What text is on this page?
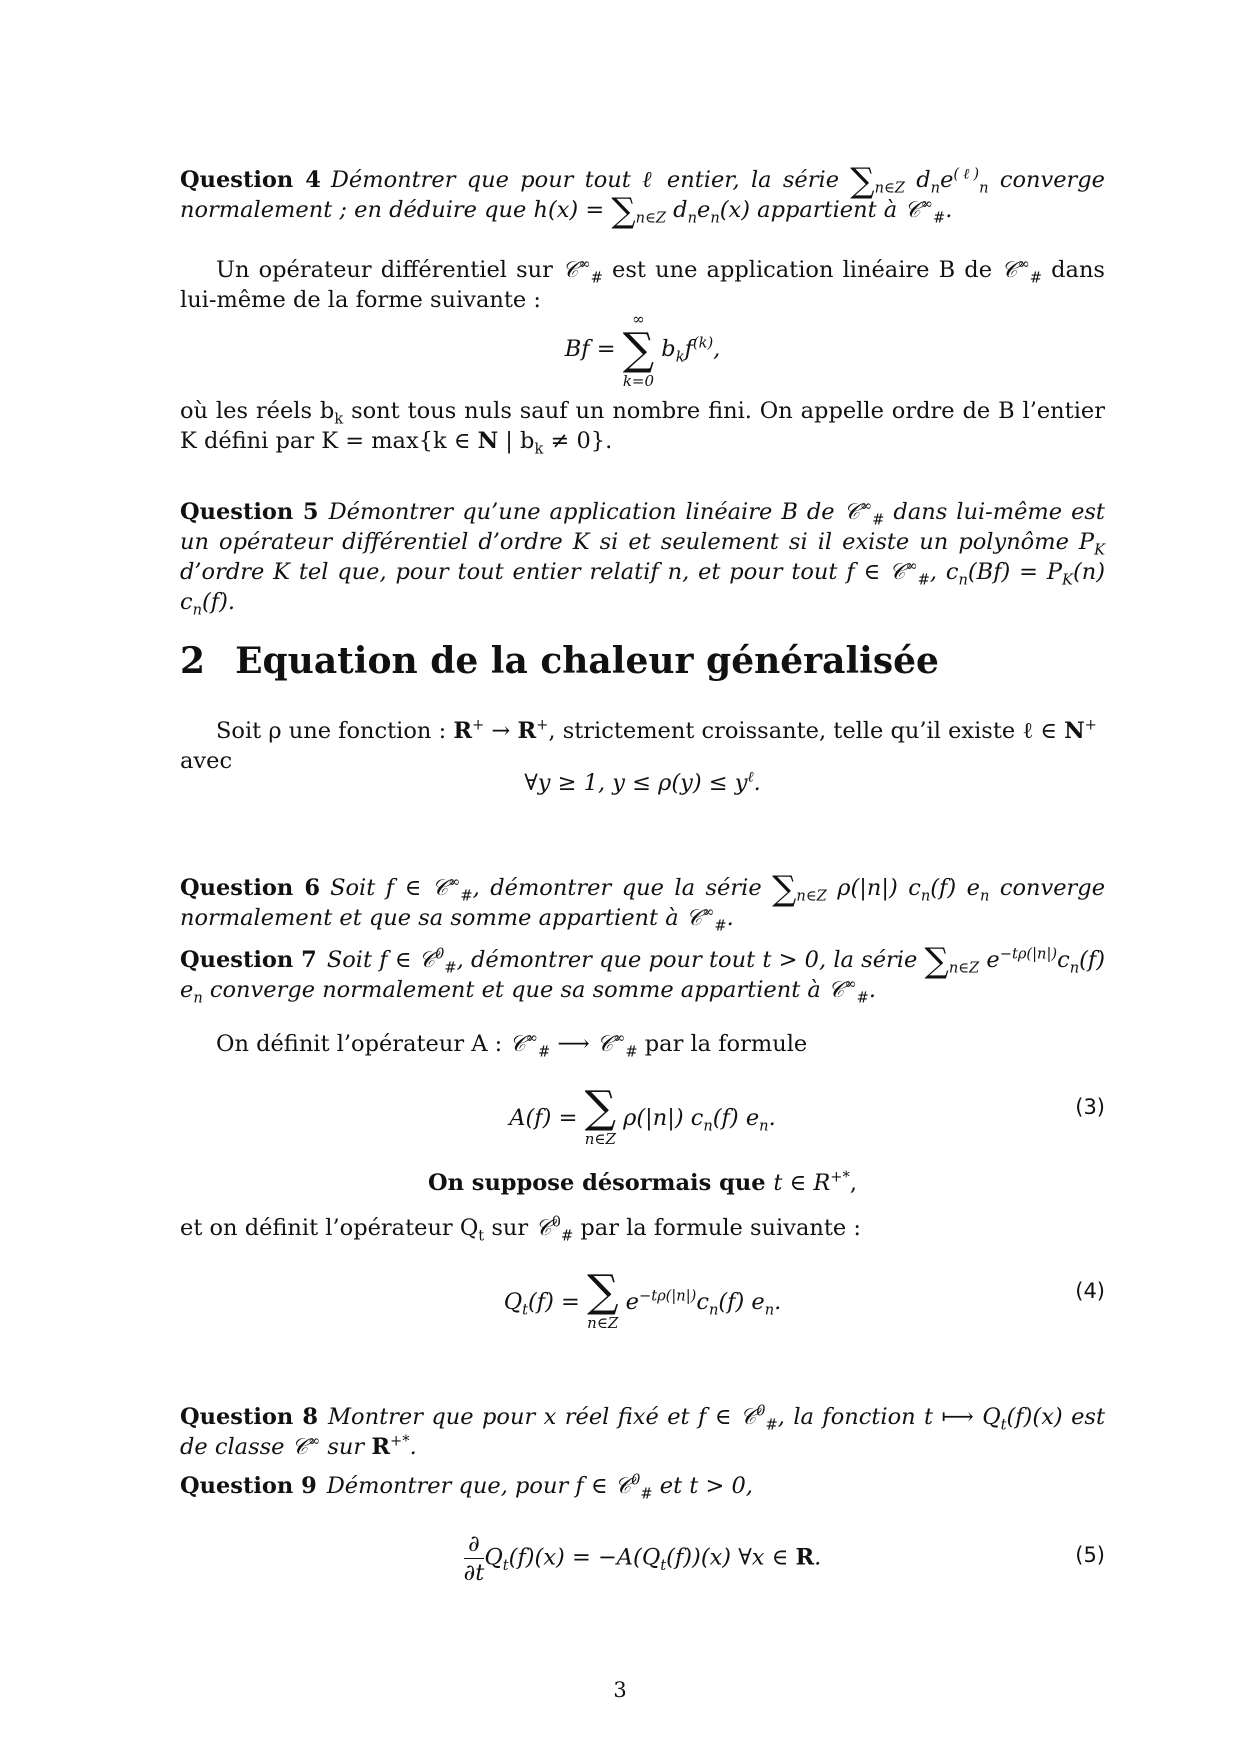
Question 4 Démontrer que pour tout ℓ entier, la série $\sum_{n\in Z}$ $d_ne^{(\ell)}_n$ converge normalement ; en déduire que $h(x) = \sum_{n\in Z}$ $d_ne_n(x)$ appartient à 𝒞∞$_{\#}$.
Un opérateur différentiel sur 𝒞∞$_{\#}$ est une application linéaire B de 𝒞∞$_{\#}$ dans lui-même de la forme suivante :
Bf =
∞
∑
k=0
$b_kf^{(k)}$,
où les réels $b_k$ sont tous nuls sauf un nombre fini. On appelle ordre de B l’entier K défini par K = max{k ∈ N | $b_k \ne 0$}.
Question 5 Démontrer qu’une application linéaire B de 𝒞∞$_{\#}$ dans lui-même est un opérateur différentiel d’ordre K si et seulement si il existe un polynôme $P_K$ d’ordre K tel que, pour tout entier relatif n, et pour tout f ∈ 𝒞∞$_{\#}$, $c_n(Bf) = P_K(n)$ $c_n(f)$.
2 Equation de la chaleur généralisée
Soit ρ une fonction : R+ → R+, strictement croissante, telle qu’il existe ℓ ∈ N+ avec
∀y ≥ 1, $y \le \rho(y) \le y^\ell$.
Question 6 Soit f ∈ 𝒞∞$_{\#}$, démontrer que la série $\sum_{n\in Z}$ ρ(|n|) $c_n(f)$ $e_n$ converge normalement et que sa somme appartient à 𝒞∞$_{\#}$.
Question 7 Soit f ∈ 𝒞$^0_{\#}$, démontrer que pour tout t > 0, la série $\sum_{n\in Z}$ $e^{-t\rho(|n|)}c_n(f)$ $e_n$ converge normalement et que sa somme appartient à 𝒞∞$_{\#}$.
On définit l’opérateur A : 𝒞∞$_{\#}$ ⟶ 𝒞∞$_{\#}$ par la formule
A(f) = ∑
n∈Z
ρ(|n|) $c_n(f)$ $e_n$.	(3)
On suppose désormais que t ∈ R+*,
et on définit l’opérateur $Q_t$ sur 𝒞$^0_{\#}$ par la formule suivante :
$Q_t(f)$ = ∑
n∈Z
$e^{-t\rho(|n|)}c_n(f)$ $e_n$.	(4)
Question 8 Montrer que pour x réel fixé et f ∈ 𝒞$^0_{\#}$, la fonction t ⟼ $Q_t(f)(x)$ est de classe 𝒞∞ sur R+*.
Question 9 Démontrer que, pour f ∈ 𝒞$^0_{\#}$ et t > 0,
$\frac{\partial}{\partial t} Q_t(f)(x) = -A(Q_t(f))(x)$ ∀x ∈ R.	(5)
3
